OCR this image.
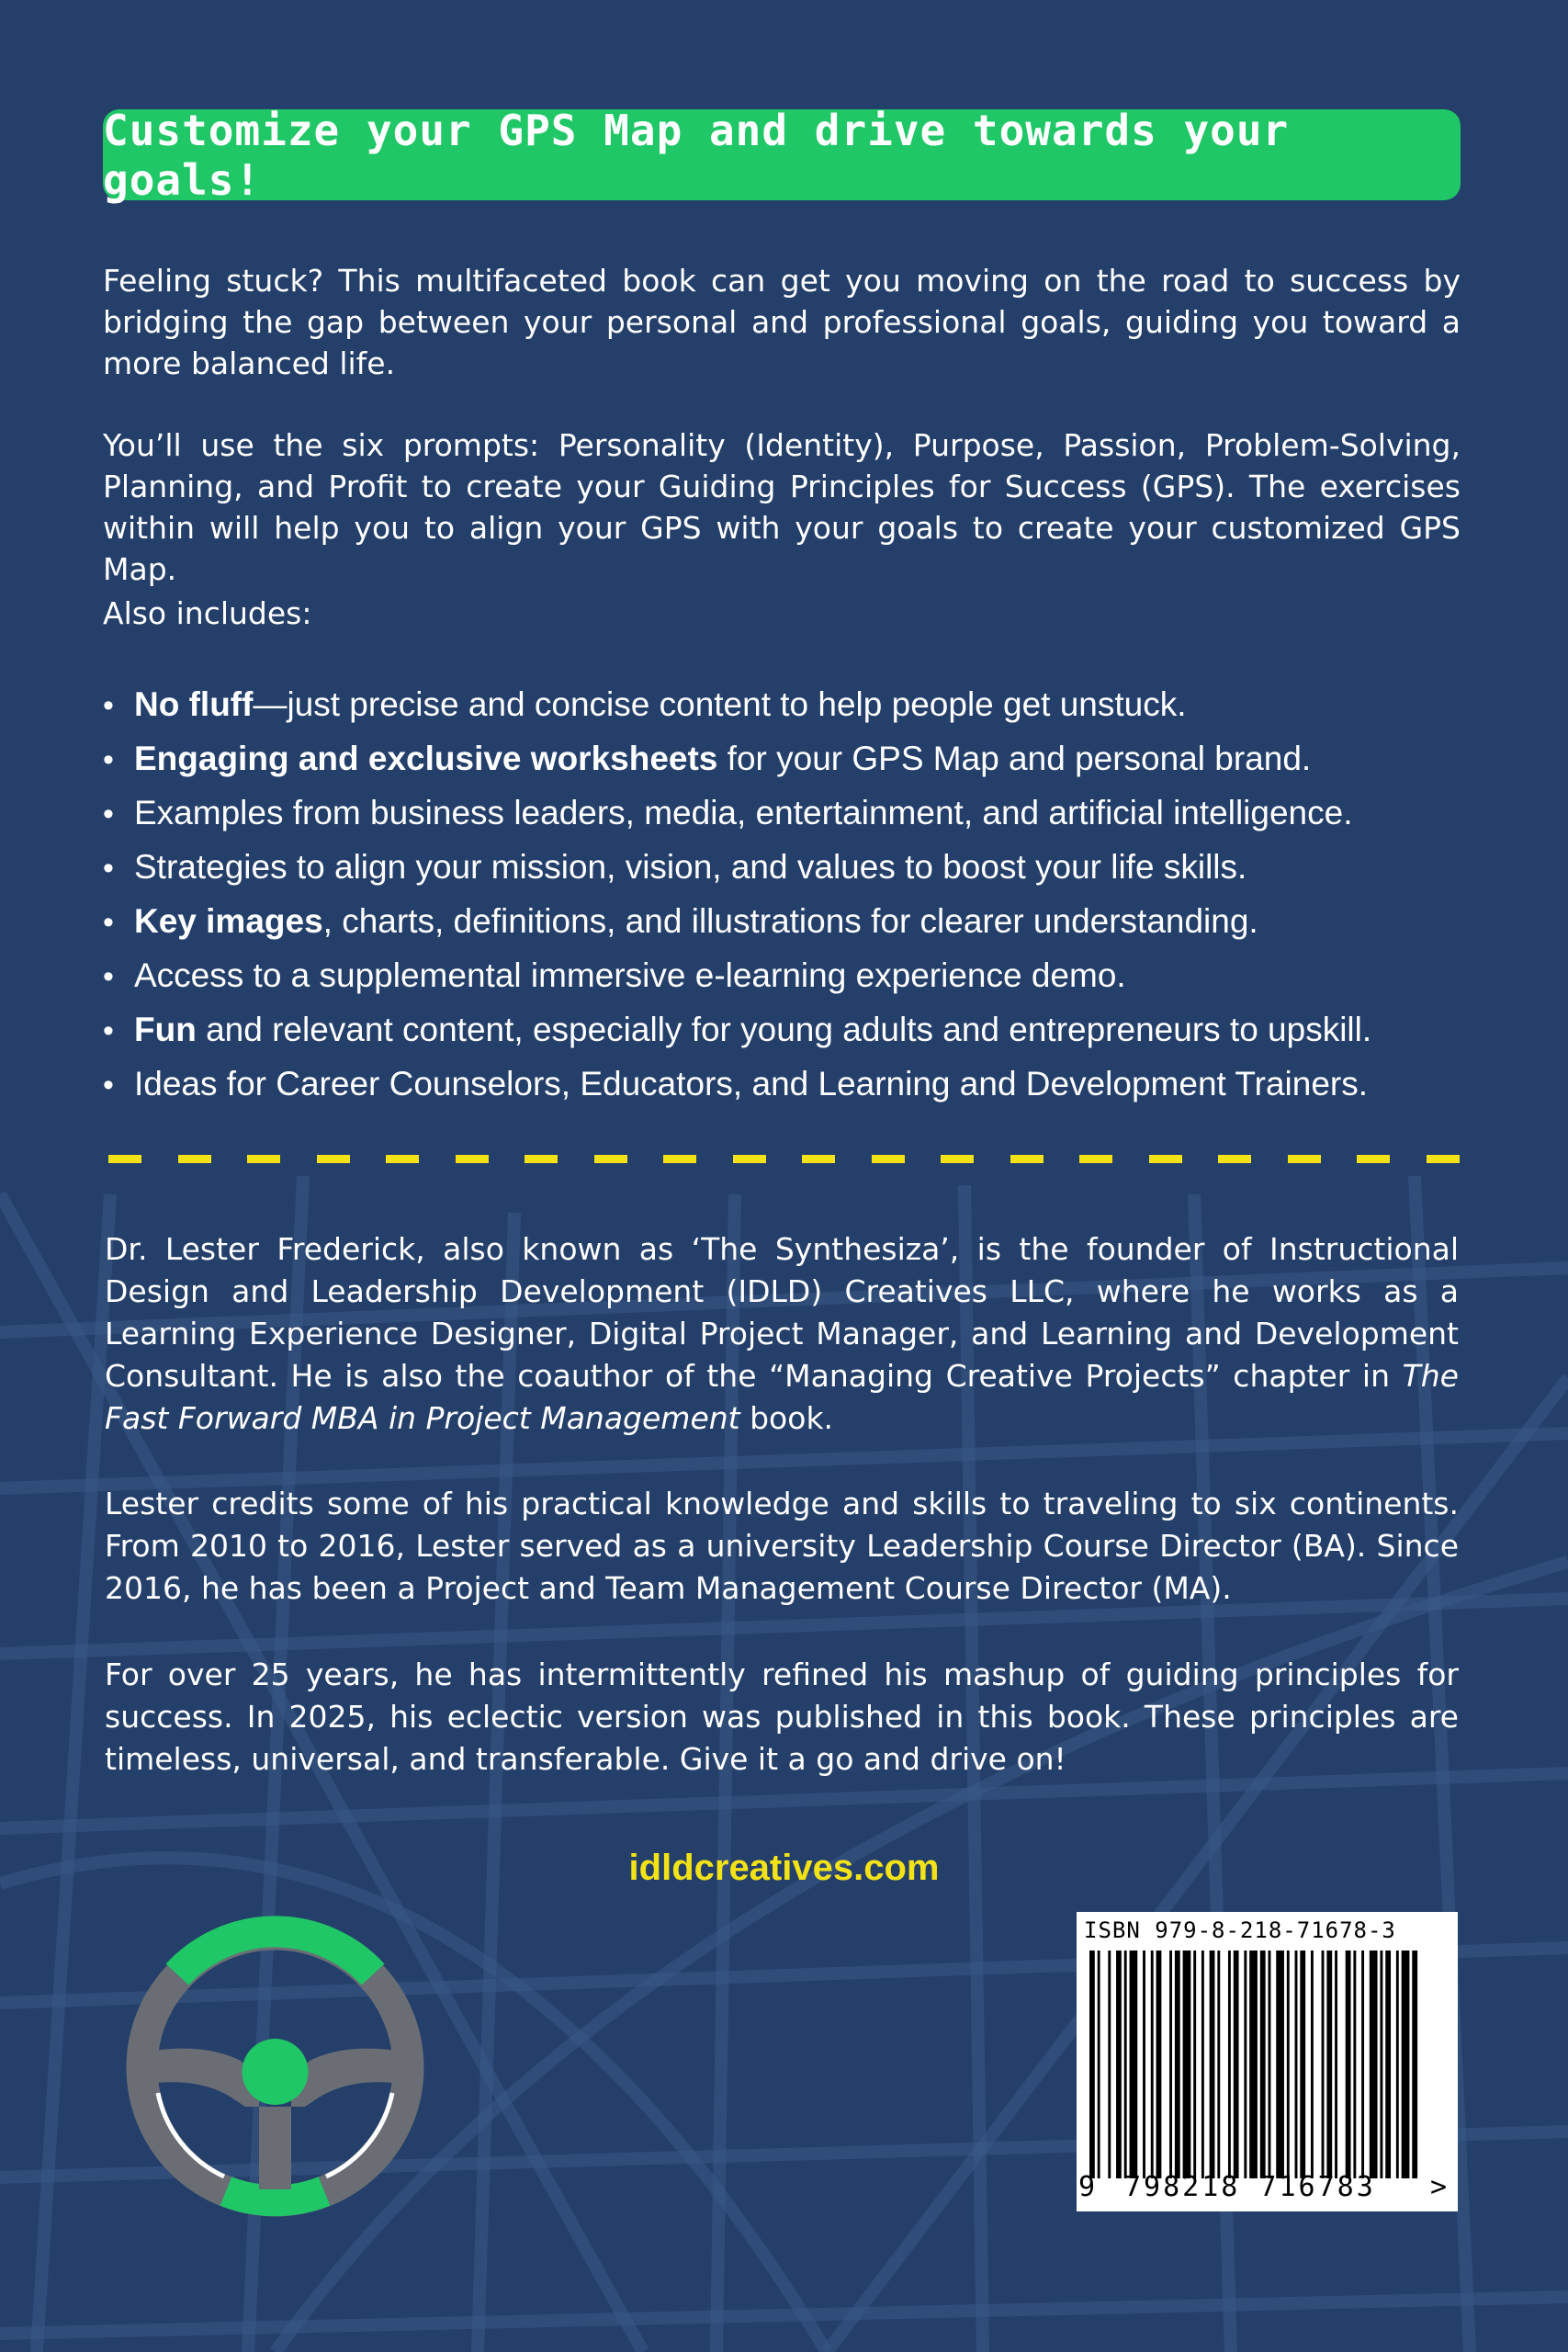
Customize your GPS Map and drive towards your goals!

Feeling stuck? This multifaceted book can get you moving on the road to success by bridging the gap between your personal and professional goals, guiding you toward a more balanced life.

You’ll use the six prompts: Personality (Identity), Purpose, Passion, Problem-Solving, Planning, and Profit to create your Guiding Principles for Success (GPS). The exercises within will help you to align your GPS with your goals to create your customized GPS Map.

Also includes:

• No fluff—just precise and concise content to help people get unstuck.
• Engaging and exclusive worksheets for your GPS Map and personal brand.
• Examples from business leaders, media, entertainment, and artificial intelligence.
• Strategies to align your mission, vision, and values to boost your life skills.
• Key images, charts, definitions, and illustrations for clearer understanding.
• Access to a supplemental immersive e-learning experience demo.
• Fun and relevant content, especially for young adults and entrepreneurs to upskill.
• Ideas for Career Counselors, Educators, and Learning and Development Trainers.

Dr. Lester Frederick, also known as ‘The Synthesiza’, is the founder of Instructional Design and Leadership Development (IDLD) Creatives LLC, where he works as a Learning Experience Designer, Digital Project Manager, and Learning and Development Consultant. He is also the coauthor of the “Managing Creative Projects” chapter in The Fast Forward MBA in Project Management book.

Lester credits some of his practical knowledge and skills to traveling to six continents. From 2010 to 2016, Lester served as a university Leadership Course Director (BA). Since 2016, he has been a Project and Team Management Course Director (MA).

For over 25 years, he has intermittently refined his mashup of guiding principles for success. In 2025, his eclectic version was published in this book. These principles are timeless, universal, and transferable. Give it a go and drive on!

idldcreatives.com
ISBN 979-8-218-71678-3
9 798218 716783 >
